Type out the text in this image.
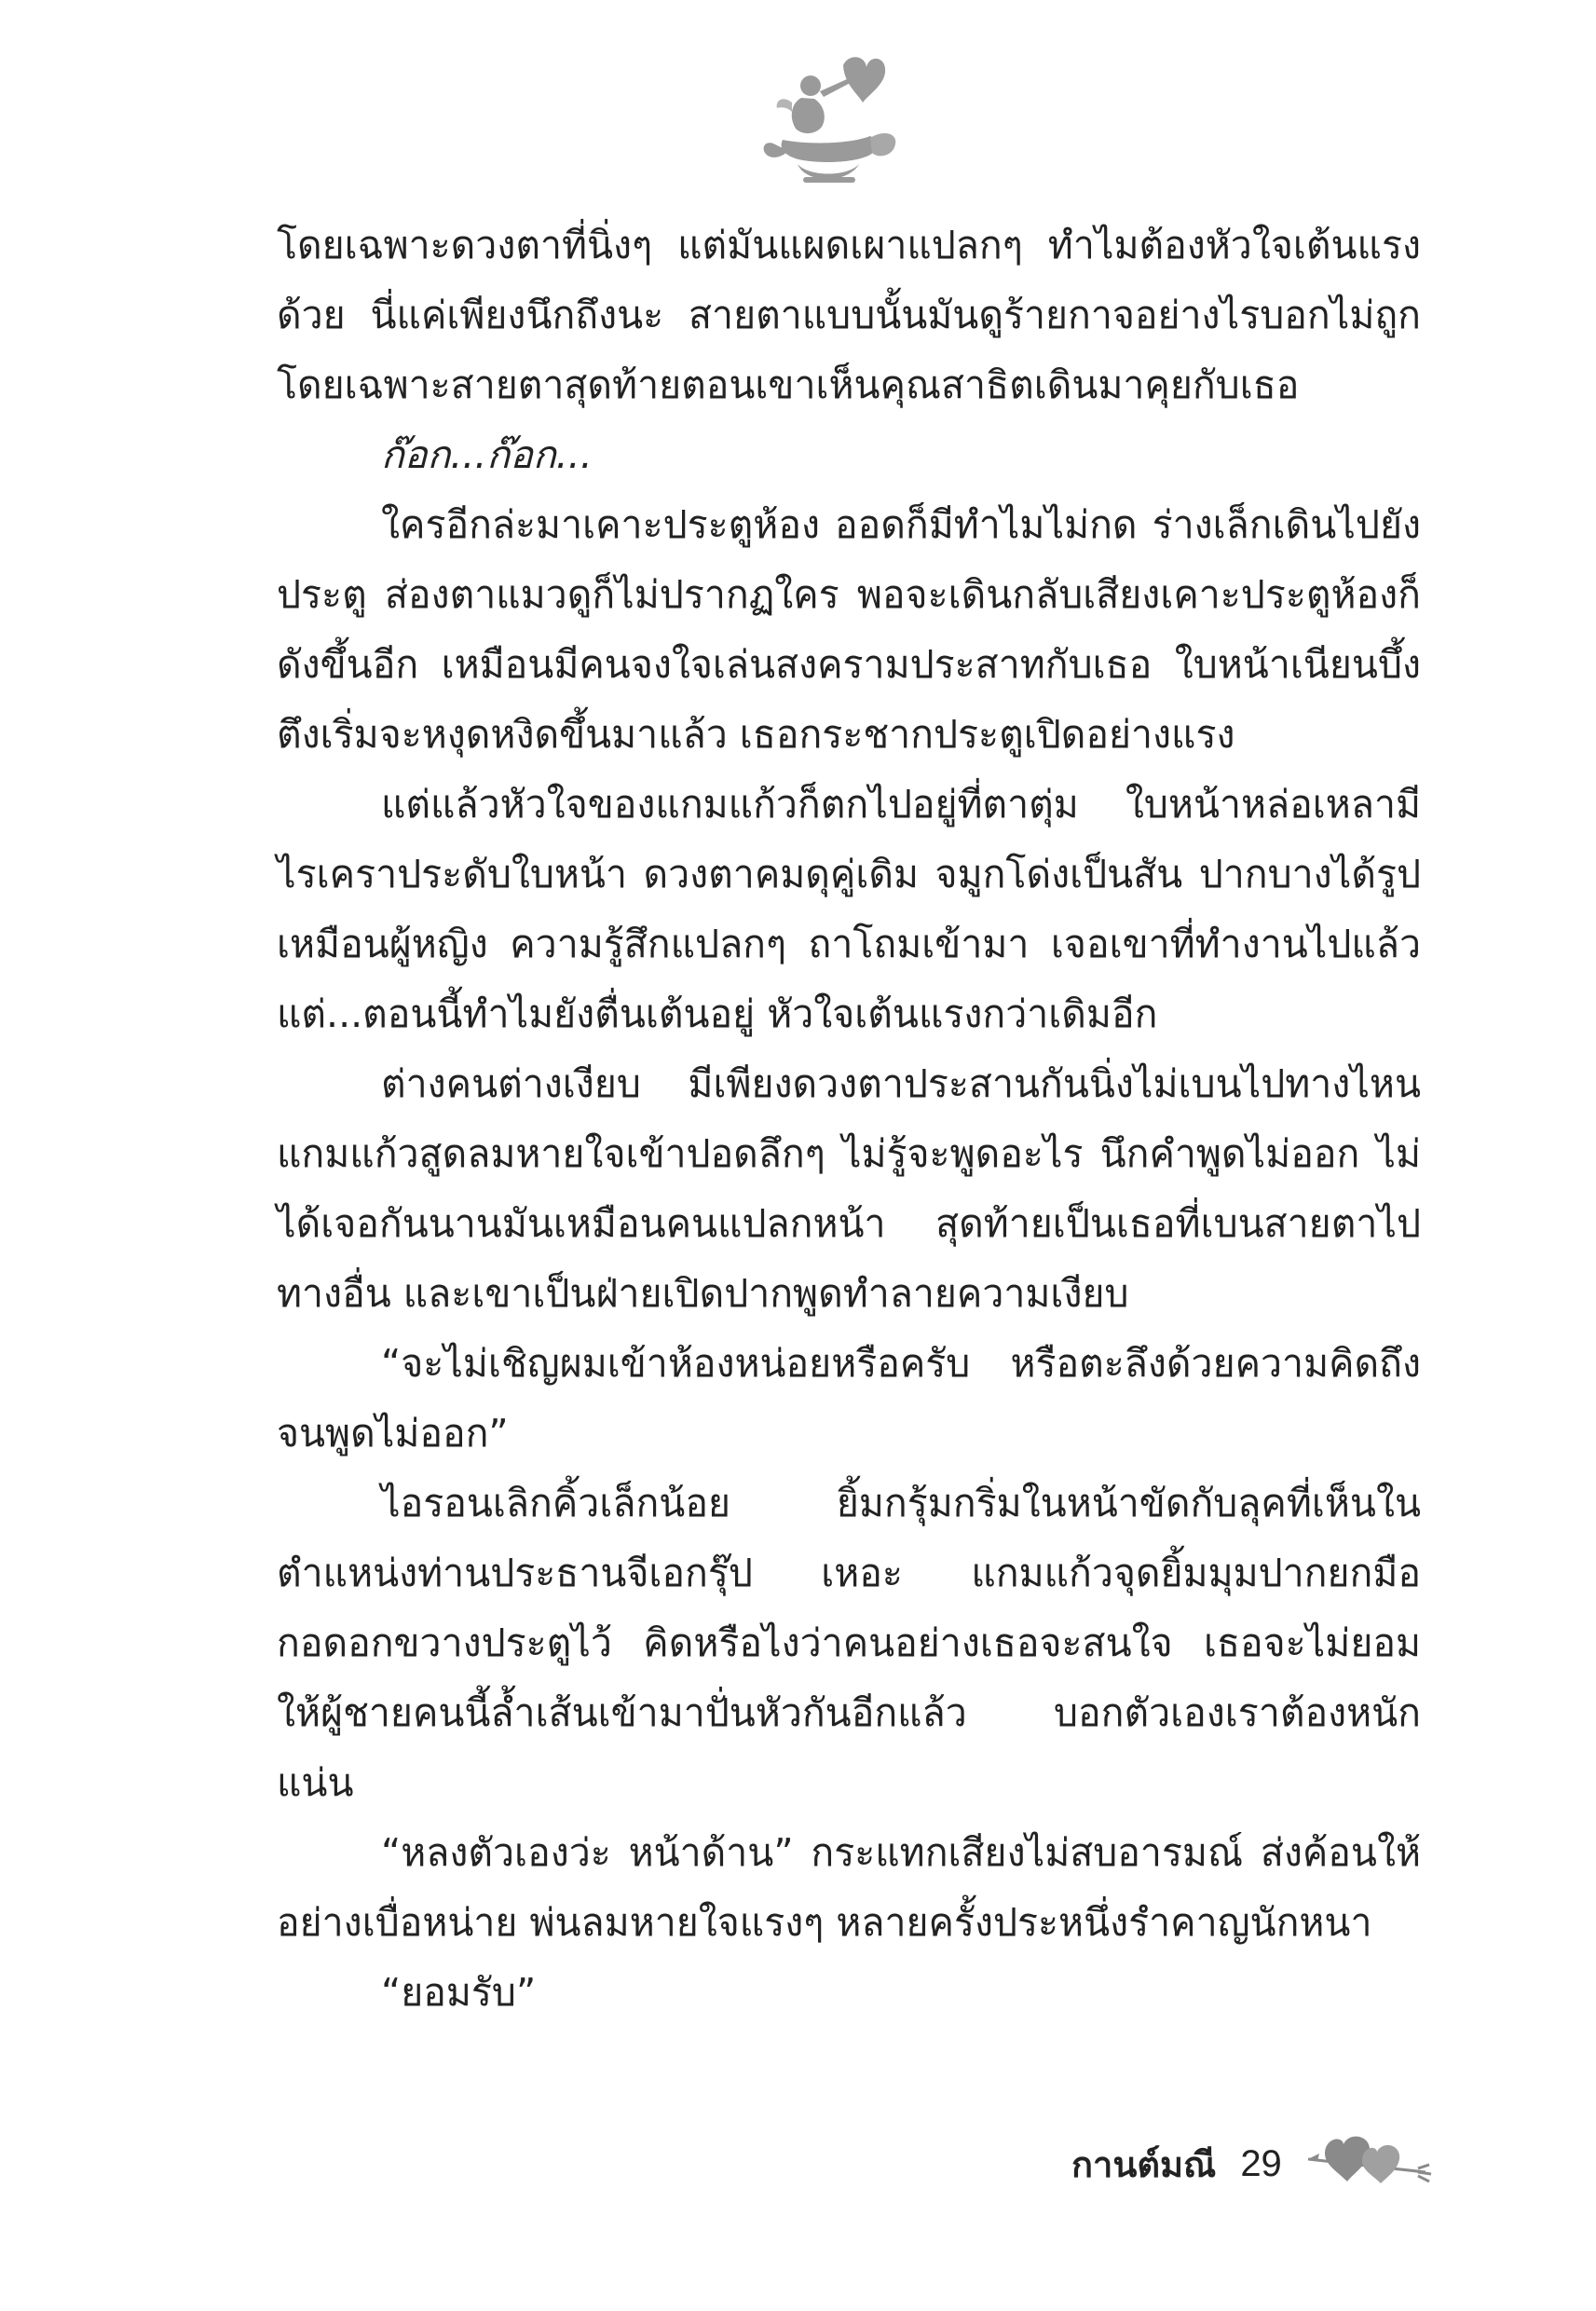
โดยเฉพาะดวงตาที่นิ่งๆ แต่มันแผดเผาแปลกๆ ทำไมต้องหัวใจเต้นแรงด้วย นี่แค่เพียงนึกถึงนะ สายตาแบบนั้นมันดูร้ายกาจอย่างไรบอกไม่ถูก โดยเฉพาะสายตาสุดท้ายตอนเขาเห็นคุณสาธิตเดินมาคุยกับเธอ

ก๊อก...ก๊อก...

ใครอีกล่ะมาเคาะประตูห้อง ออดก็มีทำไมไม่กด ร่างเล็กเดินไปยังประตู ส่องตาแมวดูก็ไม่ปรากฏใคร พอจะเดินกลับเสียงเคาะประตูห้องก็ดังขึ้นอีก เหมือนมีคนจงใจเล่นสงครามประสาทกับเธอ ใบหน้าเนียนบึ้งตึงเริ่มจะหงุดหงิดขึ้นมาแล้ว เธอกระชากประตูเปิดอย่างแรง

แต่แล้วหัวใจของแกมแก้วก็ตกไปอยู่ที่ตาตุ่ม ใบหน้าหล่อเหลามีไรเคราประดับใบหน้า ดวงตาคมดุคู่เดิม จมูกโด่งเป็นสัน ปากบางได้รูปเหมือนผู้หญิง ความรู้สึกแปลกๆ ถาโถมเข้ามา เจอเขาที่ทำงานไปแล้ว แต่...ตอนนี้ทำไมยังตื่นเต้นอยู่ หัวใจเต้นแรงกว่าเดิมอีก

ต่างคนต่างเงียบ มีเพียงดวงตาประสานกันนิ่งไม่เบนไปทางไหน แกมแก้วสูดลมหายใจเข้าปอดลึกๆ ไม่รู้จะพูดอะไร นึกคำพูดไม่ออก ไม่ได้เจอกันนานมันเหมือนคนแปลกหน้า สุดท้ายเป็นเธอที่เบนสายตาไปทางอื่น และเขาเป็นฝ่ายเปิดปากพูดทำลายความเงียบ

“จะไม่เชิญผมเข้าห้องหน่อยหรือครับ หรือตะลึงด้วยความคิดถึงจนพูดไม่ออก”

ไอรอนเลิกคิ้วเล็กน้อย ยิ้มกรุ้มกริ่มในหน้าขัดกับลุคที่เห็นในตำแหน่งท่านประธานจีเอกรุ๊ป เหอะ แกมแก้วจุดยิ้มมุมปากยกมือกอดอกขวางประตูไว้ คิดหรือไงว่าคนอย่างเธอจะสนใจ เธอจะไม่ยอมให้ผู้ชายคนนี้ล้ำเส้นเข้ามาปั่นหัวกันอีกแล้ว บอกตัวเองเราต้องหนักแน่น

“หลงตัวเองว่ะ หน้าด้าน” กระแทกเสียงไม่สบอารมณ์ ส่งค้อนให้อย่างเบื่อหน่าย พ่นลมหายใจแรงๆ หลายครั้งประหนึ่งรำคาญนักหนา

“ยอมรับ”

กานต์มณี 29
